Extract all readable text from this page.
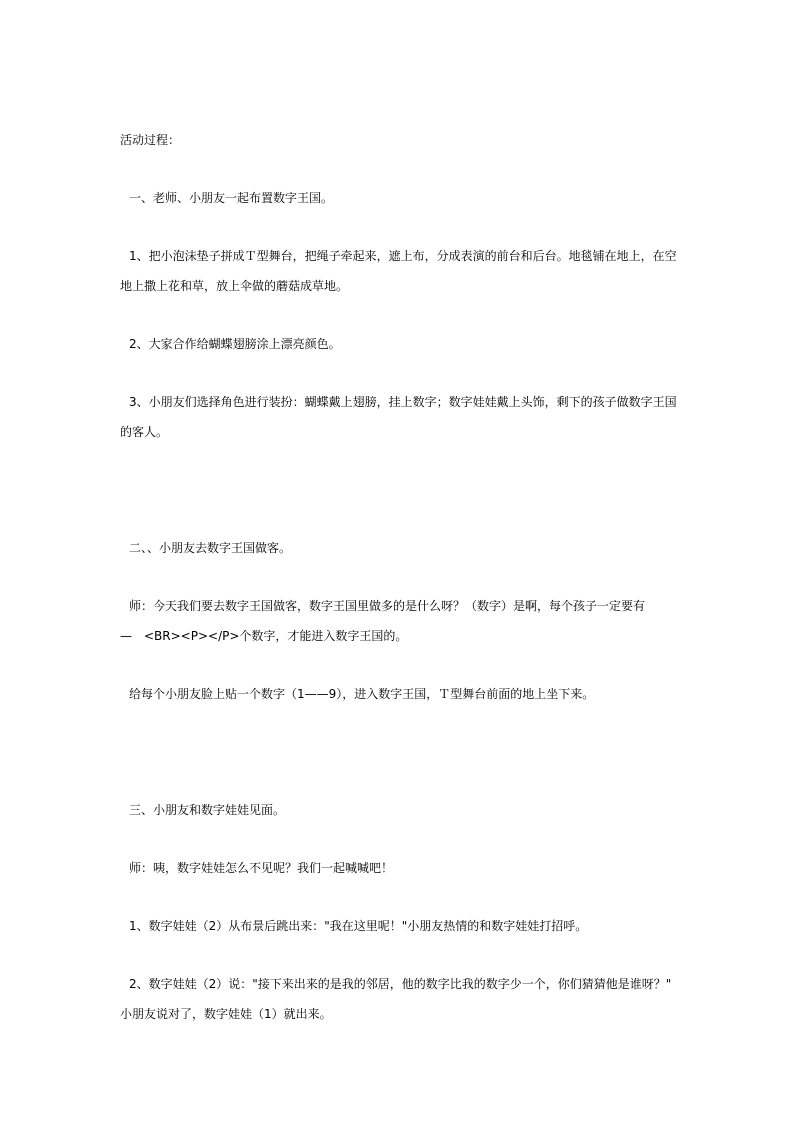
活动过程：
一、老师、小朋友一起布置数字王国。
1、把小泡沫垫子拼成Ｔ型舞台，把绳子牵起来，遮上布，分成表演的前台和后台。地毯铺在地上，在空
地上撒上花和草，放上伞做的蘑菇成草地。
2、大家合作给蝴蝶翅膀涂上漂亮颜色。
3、小朋友们选择角色进行装扮：蝴蝶戴上翅膀，挂上数字；数字娃娃戴上头饰，剩下的孩子做数字王国
的客人。
二、、小朋友去数字王国做客。
师：今天我们要去数字王国做客，数字王国里做多的是什么呀？（数字）是啊，每个孩子一定要有
—　<BR><P></P>个数字，才能进入数字王国的。
给每个小朋友脸上贴一个数字（1——9），进入数字王国，Ｔ型舞台前面的地上坐下来。
三、小朋友和数字娃娃见面。
师：咦，数字娃娃怎么不见呢？我们一起喊喊吧！
1、数字娃娃（2）从布景后跳出来："我在这里呢！"小朋友热情的和数字娃娃打招呼。
2、数字娃娃（2）说："接下来出来的是我的邻居，他的数字比我的数字少一个，你们猜猜他是谁呀？"
小朋友说对了，数字娃娃（1）就出来。
